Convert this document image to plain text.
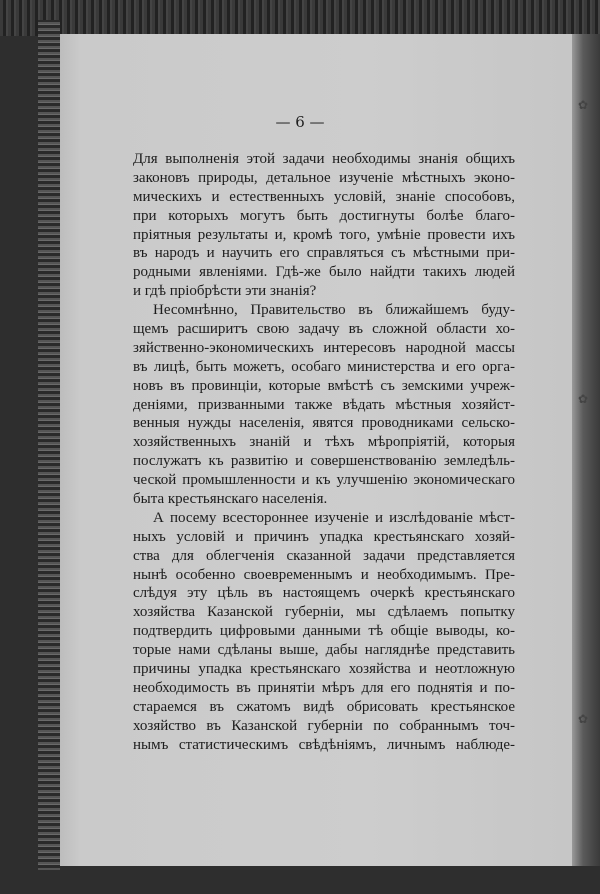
✿
✿
✿
— 6 —
Для выполненія этой задачи необходимы знанія общихъ
законовъ природы, детальное изученіе мѣстныхъ эконо-
мическихъ и естественныхъ условій, знаніе способовъ,
при которыхъ могутъ быть достигнуты болѣе благо-
пріятныя результаты и, кромѣ того, умѣніе провести ихъ
въ народъ и научить его справляться съ мѣстными при-
родными явленіями. Гдѣ-же было найдти такихъ людей
и гдѣ пріобрѣсти эти знанія?
Несомнѣнно, Правительство въ ближайшемъ буду-
щемъ расширитъ свою задачу въ сложной области хо-
зяйственно-экономическихъ интересовъ народной массы
въ лицѣ, быть можетъ, особаго министерства и его орга-
новъ въ провинціи, которые вмѣстѣ съ земскими учреж-
деніями, призванными также вѣдать мѣстныя хозяйст-
венныя нужды населенія, явятся проводниками сельско-
хозяйственныхъ знаній и тѣхъ мѣропріятій, которыя
послужатъ къ развитію и совершенствованію земледѣль-
ческой промышленности и къ улучшенію экономическаго
быта крестьянскаго населенія.
А посему всестороннее изученіе и изслѣдованіе мѣст-
ныхъ условій и причинъ упадка крестьянскаго хозяй-
ства для облегченія сказанной задачи представляется
нынѣ особенно своевременнымъ и необходимымъ. Пре-
слѣдуя эту цѣль въ настоящемъ очеркѣ крестьянскаго
хозяйства Казанской губерніи, мы сдѣлаемъ попытку
подтвердить цифровыми данными тѣ общіе выводы, ко-
торые нами сдѣланы выше, дабы нагляднѣе представить
причины упадка крестьянскаго хозяйства и неотложную
необходимость въ принятіи мѣръ для его поднятія и по-
стараемся въ сжатомъ видѣ обрисовать крестьянское
хозяйство въ Казанской губерніи по собраннымъ точ-
нымъ статистическимъ свѣдѣніямъ, личнымъ наблюде-
